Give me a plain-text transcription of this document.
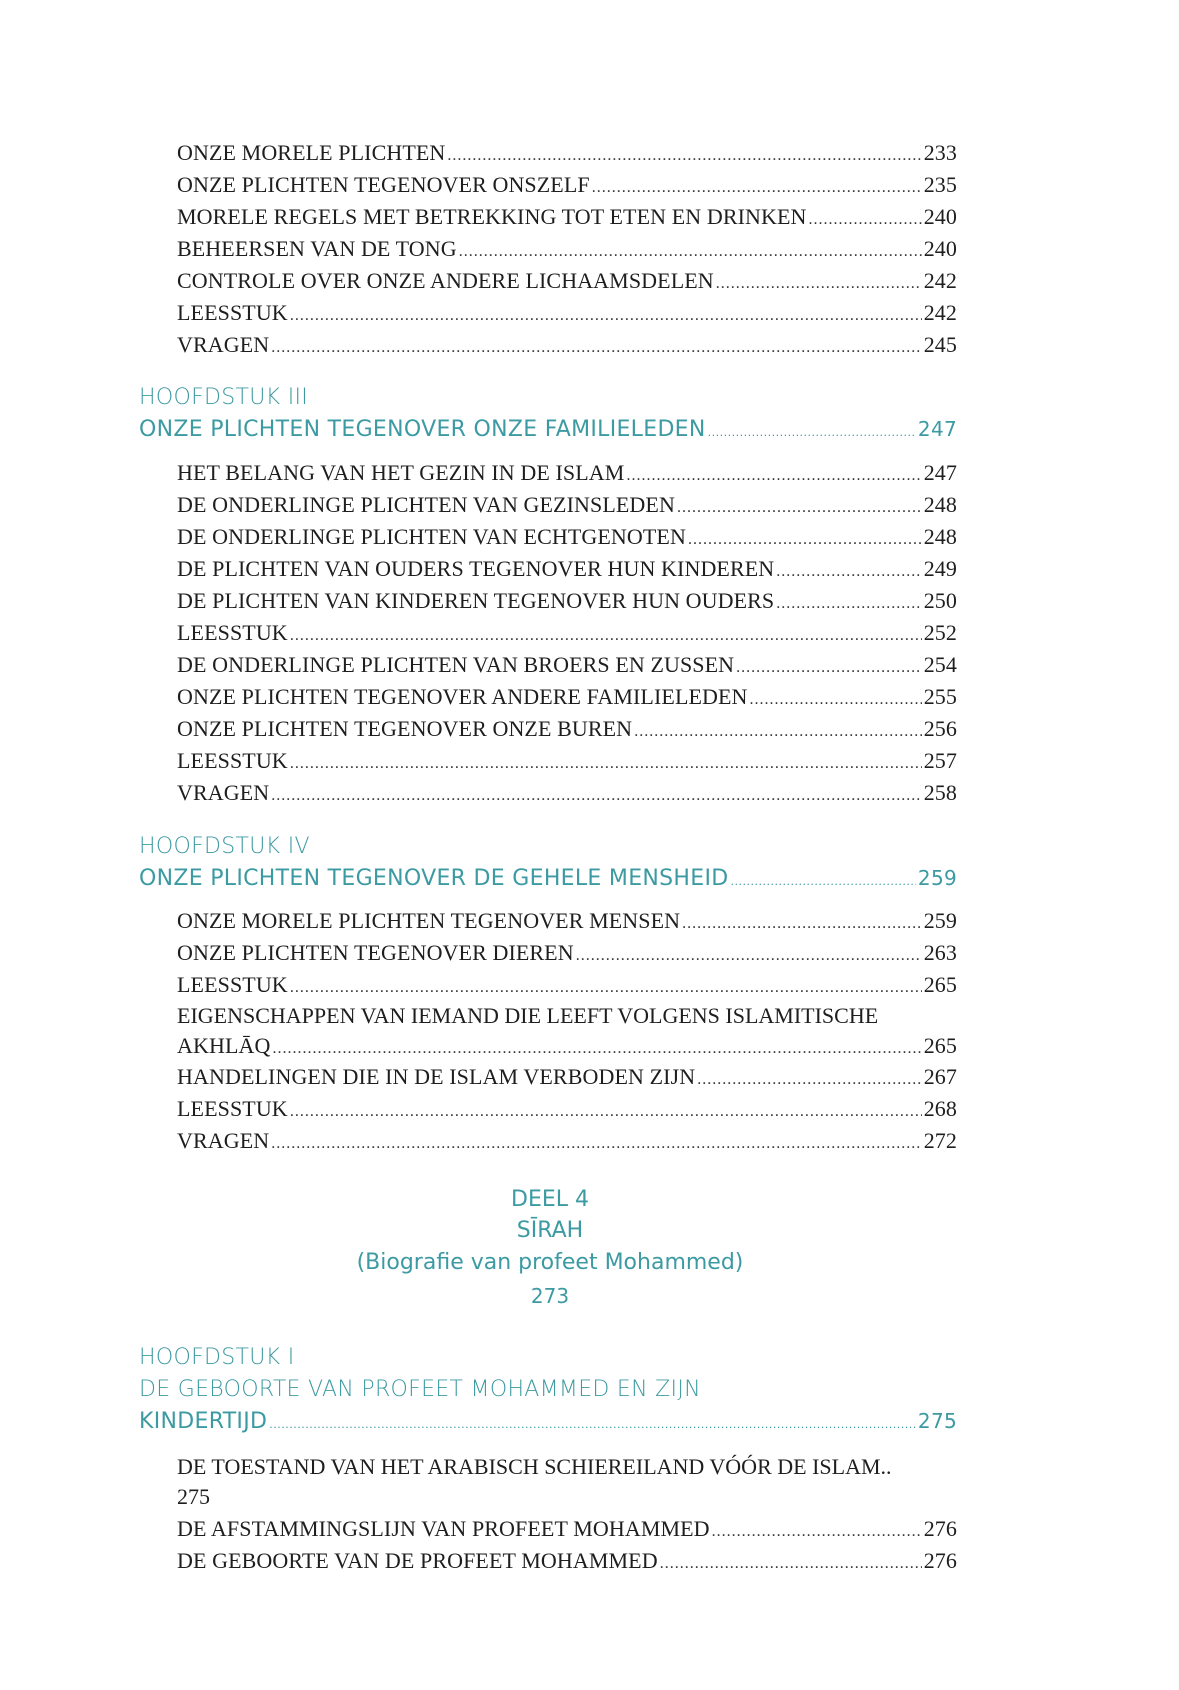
ONZE MORELE PLICHTEN .....	233
ONZE PLICHTEN TEGENOVER ONSZELF .....	235
MORELE REGELS MET BETREKKING TOT ETEN EN DRINKEN .....	240
BEHEERSEN VAN DE TONG .....	240
CONTROLE OVER ONZE ANDERE LICHAAMSDELEN .....	242
LEESSTUK .....	242
VRAGEN .....	245
HOOFDSTUK III
ONZE PLICHTEN TEGENOVER ONZE FAMILIELEDEN .....	247
HET BELANG VAN HET GEZIN IN DE ISLAM .....	247
DE ONDERLINGE PLICHTEN VAN GEZINSLEDEN .....	248
DE ONDERLINGE PLICHTEN VAN ECHTGENOTEN .....	248
DE PLICHTEN VAN OUDERS TEGENOVER HUN KINDEREN .....	249
DE PLICHTEN VAN KINDEREN TEGENOVER HUN OUDERS .....	250
LEESSTUK .....	252
DE ONDERLINGE PLICHTEN VAN BROERS EN ZUSSEN .....	254
ONZE PLICHTEN TEGENOVER ANDERE FAMILIELEDEN .....	255
ONZE PLICHTEN TEGENOVER ONZE BUREN .....	256
LEESSTUK .....	257
VRAGEN .....	258
HOOFDSTUK IV
ONZE PLICHTEN TEGENOVER DE GEHELE MENSHEID .....	259
ONZE MORELE PLICHTEN TEGENOVER MENSEN .....	259
ONZE PLICHTEN TEGENOVER DIEREN .....	263
LEESSTUK .....	265
EIGENSCHAPPEN VAN IEMAND DIE LEEFT VOLGENS ISLAMITISCHE
AKHLĀQ .....	265
HANDELINGEN DIE IN DE ISLAM VERBODEN ZIJN .....	267
LEESSTUK .....	268
VRAGEN .....	272
DEEL 4
SĪRAH
(Biografie van profeet Mohammed)
273
HOOFDSTUK I
DE GEBOORTE VAN PROFEET MOHAMMED EN ZIJN
KINDERTIJD .....	275
DE TOESTAND VAN HET ARABISCH SCHIEREILAND VÓÓR DE ISLAM..
275
DE AFSTAMMINGSLIJN VAN PROFEET MOHAMMED .....	276
DE GEBOORTE VAN DE PROFEET MOHAMMED .....	276
